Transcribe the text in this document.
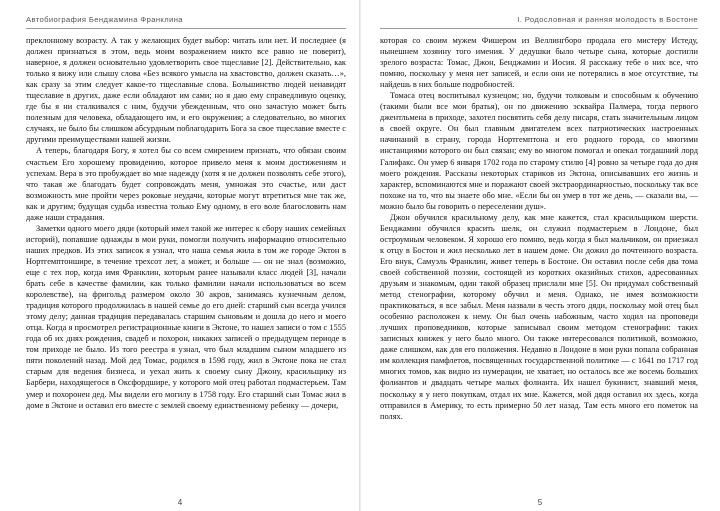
Автобиография Бенджамина Франклина

преклонному возрасту. А так у желающих будет выбор: читать или нет. И последнее (я должен признаться в этом, ведь моим возражением никто все равно не поверит), наверное, я должен основательно удовлетворить свое тщеславие [2]. Действительно, как только я вижу или слышу слова «Без всякого умысла на хвастовство, должен сказать…», как сразу за этим следует какое-то тщеславные слова. Большинство людей ненавидят тщеславие в других, даже если обладают им сами; но я даю ему справедливую оценку, где бы я ни сталкивался с ним, будучи убежденным, что оно зачастую может быть полезным для человека, обладающего им, и его окружения; а следовательно, во многих случаях, не было бы слишком абсурдным поблагодарить Бога за свое тщеславие вместе с другими преимуществами нашей жизни.

А теперь, благодаря Богу, я хотел бы со всем смирением признать, что обязан своим счастьем Его хорошему провидению, которое привело меня к моим достижениям и успехам. Вера в это пробуждает во мне надежду (хотя я не должен позволять себе этого), что такая же благодать будет сопровождать меня, умножая это счастье, или даст возможность мне пройти через роковые неудачи, которые могут втретиться мне так же, как и другим; будущая судьба известна только Ему одному, в его воле благословить нам даже наши страдания.

Заметки одного моего дяди (который имел такой же интерес к сбору наших семейных историй), попавшие однажды в мои руки, помогли получить информацию относительно наших предков. Из этих записок я узнал, что наша семья жила в том же городе Эктон в Нортгемптоншире, в течение трехсот лет, а может, и больше — он не знал (возможно, еще с тех пор, когда имя Франклин, которым ранее называли класс людей [3], начали брать себе в качестве фамилии, как только фамилии начали использоваться во всем королевстве), на фригольд размером около 30 акров, занимаясь кузнечным делом, традиция которого продолжилась в нашей семье до его дней: старший сын всегда учился этому делу; данная традиция передавалась старшим сыновьям и дошла до него и моего отца. Когда я просмотрел регистрационные книги в Эктоне, то нашел записи о том с 1555 года об их днях рождения, свадеб и похорон, никаких записей о предыдущем периоде в том приходе не было. Из того реестра я узнал, что был младшим сыном младшего из пяти поколений назад. Мой дед Томас, родился в 1598 году, жил в Эктоне пока не стал старым для ведения бизнеса, и уехал жить к своему сыну Джону, красильщику из Барбери, находящегося в Оксфордшире, у которого мой отец работал подмастерьем. Там умер и похоронен дед. Мы видели его могилу в 1758 году. Его старший сын Томас жил в доме в Эктоне и оставил его вместе с землей своему единственному ребенку — дочери,

4
I. Родословная и ранняя молодость в Бостоне

которая со своим мужем Фишером из Веллингборо продала его мистеру Истеду, нынешнем хозяину того имения. У дедушки было четыре сына, которые достигли зрелого возраста: Томас, Джон, Бенджамин и Иосия. Я расскажу тебе о них все, что помню, поскольку у меня нет записей, и если они не потерялись в мое отсутствие, ты найдешь в них больше подробностей.

Томаса отец воспитывал кузнецом; но, будучи толковым и способным к обучению (такими были все мои братья), он по движению эсквайра Палмера, тогда первого джентльмена в приходе, захотел посвятить себя делу писаря, стать значительным лицом в своей округе. Он был главным двигателем всех патриотических настроенных начинаний в страну, города Нортгемптона и его родного города, со многими инстанциями которого он был связан; ему во многом помогал и опекал тогдашний лорд Галифакс. Он умер 6 января 1702 года по старому стилю [4] ровно за четыре года до дня моего рождения. Рассказы некоторых старикoв из Эктона, описывавших его жизнь и характер, вспоминаются мне и поражают своей экстраординарностью, поскольку так все похоже на то, что вы знаете обо мне. «Если бы он умер в тот же день, — сказали вы, — можно было бы говорить о переселении душ».

Джон обучился красильному делу, как мне кажется, стал красильщиком шерсти. Бенджамин обучился красить шелк, он служил подмастерьем в Лондоне, был остроумным человеком. Я хорошо его помню, ведь когда я был мальчиком, он приезжал к отцу в Бостон и жил несколько лет в нашем доме. Он дожил до почтенного возраста. Его внук, Самуэль Франклин, живет теперь в Бостоне. Он оставил после себя два тома своей собственной поэзии, состоящей из коротких оказийных стихов, адресованных друзьям и знакомым, один такой образец прислали мне [5]. Он придумал собственный метод стенографии, которому обучил и меня. Однако, не имея возможности практиковаться, я все забыл. Меня назвали в честь этого дяди, поскольку мой отец был особенно расположен к нему. Он был очень набожным, часто ходил на проповеди лучших проповедников, которые записывал своим методом стенографии: таких записных книжек у него было много. Он также интересовался политикой, возможно, даже слишком, как для его положения. Недавно в Лондоне в мои руки попала собранная им коллекция памфлетов, посвященных государственной политике — с 1641 по 1717 год многих томов, как видно из нумерации, не хватает, но осталось все же восемь больших фолиантов и двадцать четыре малых фолианта. Их нашел букинист, знавший меня, поскольку я у него покупкам, отдал их мне. Кажется, мой дядя оставил их здесь, когда отправился в Америку, то есть примерно 50 лет назад. Там есть много его пометок на полях.

5
